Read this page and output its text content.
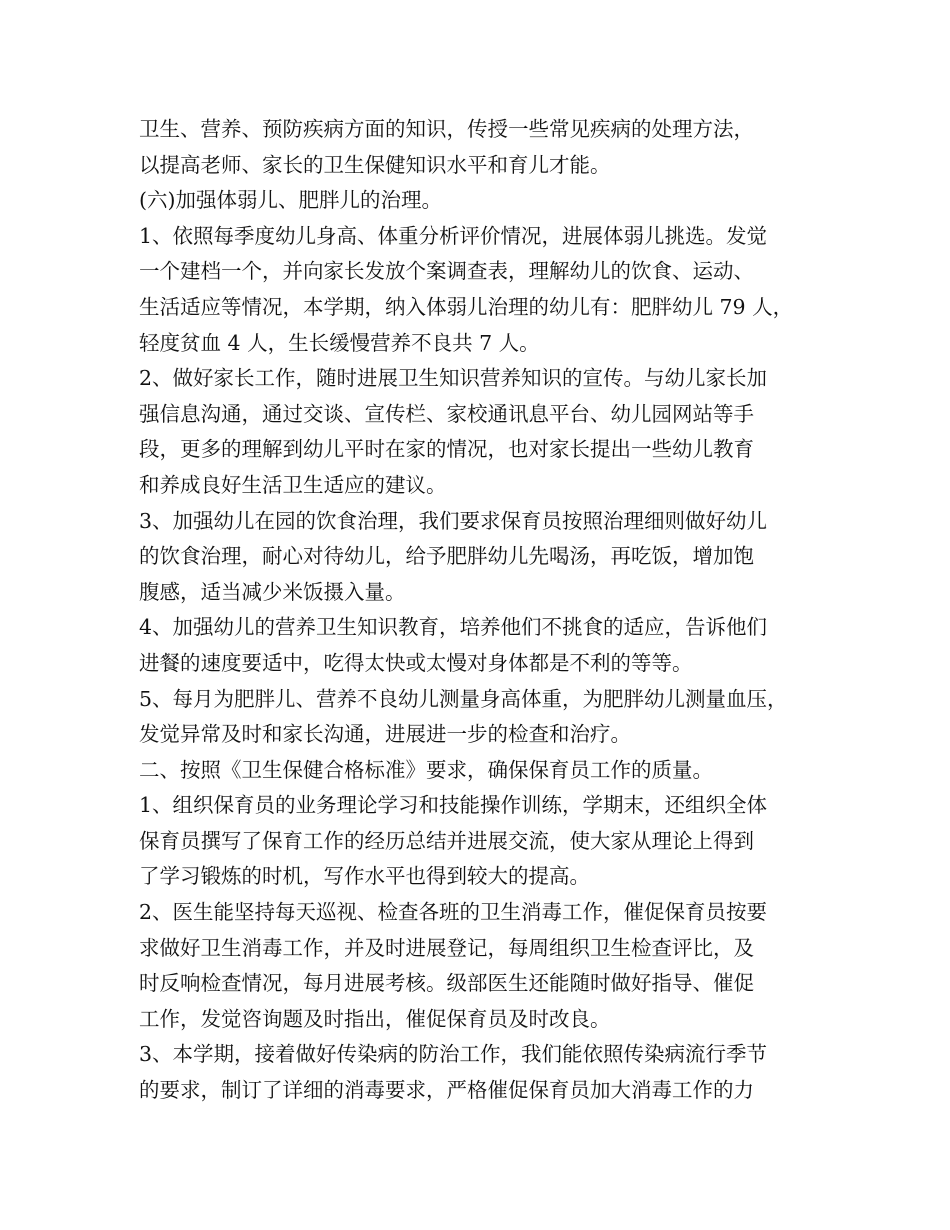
卫生、营养、预防疾病方面的知识，传授一些常见疾病的处理方法，
以提高老师、家长的卫生保健知识水平和育儿才能。
(六)加强体弱儿、肥胖儿的治理。
1、依照每季度幼儿身高、体重分析评价情况，进展体弱儿挑选。发觉
一个建档一个，并向家长发放个案调查表，理解幼儿的饮食、运动、
生活适应等情况，本学期，纳入体弱儿治理的幼儿有：肥胖幼儿 79 人，
轻度贫血 4 人，生长缓慢营养不良共 7 人。
2、做好家长工作，随时进展卫生知识营养知识的宣传。与幼儿家长加
强信息沟通，通过交谈、宣传栏、家校通讯息平台、幼儿园网站等手
段，更多的理解到幼儿平时在家的情况，也对家长提出一些幼儿教育
和养成良好生活卫生适应的建议。
3、加强幼儿在园的饮食治理，我们要求保育员按照治理细则做好幼儿
的饮食治理，耐心对待幼儿，给予肥胖幼儿先喝汤，再吃饭，增加饱
腹感，适当减少米饭摄入量。
4、加强幼儿的营养卫生知识教育，培养他们不挑食的适应，告诉他们
进餐的速度要适中，吃得太快或太慢对身体都是不利的等等。
5、每月为肥胖儿、营养不良幼儿测量身高体重，为肥胖幼儿测量血压，
发觉异常及时和家长沟通，进展进一步的检查和治疗。
二、按照《卫生保健合格标准》要求，确保保育员工作的质量。
1、组织保育员的业务理论学习和技能操作训练，学期末，还组织全体
保育员撰写了保育工作的经历总结并进展交流，使大家从理论上得到
了学习锻炼的时机，写作水平也得到较大的提高。
2、医生能坚持每天巡视、检查各班的卫生消毒工作，催促保育员按要
求做好卫生消毒工作，并及时进展登记，每周组织卫生检查评比，及
时反响检查情况，每月进展考核。级部医生还能随时做好指导、催促
工作，发觉咨询题及时指出，催促保育员及时改良。
3、本学期，接着做好传染病的防治工作，我们能依照传染病流行季节
的要求，制订了详细的消毒要求，严格催促保育员加大消毒工作的力
